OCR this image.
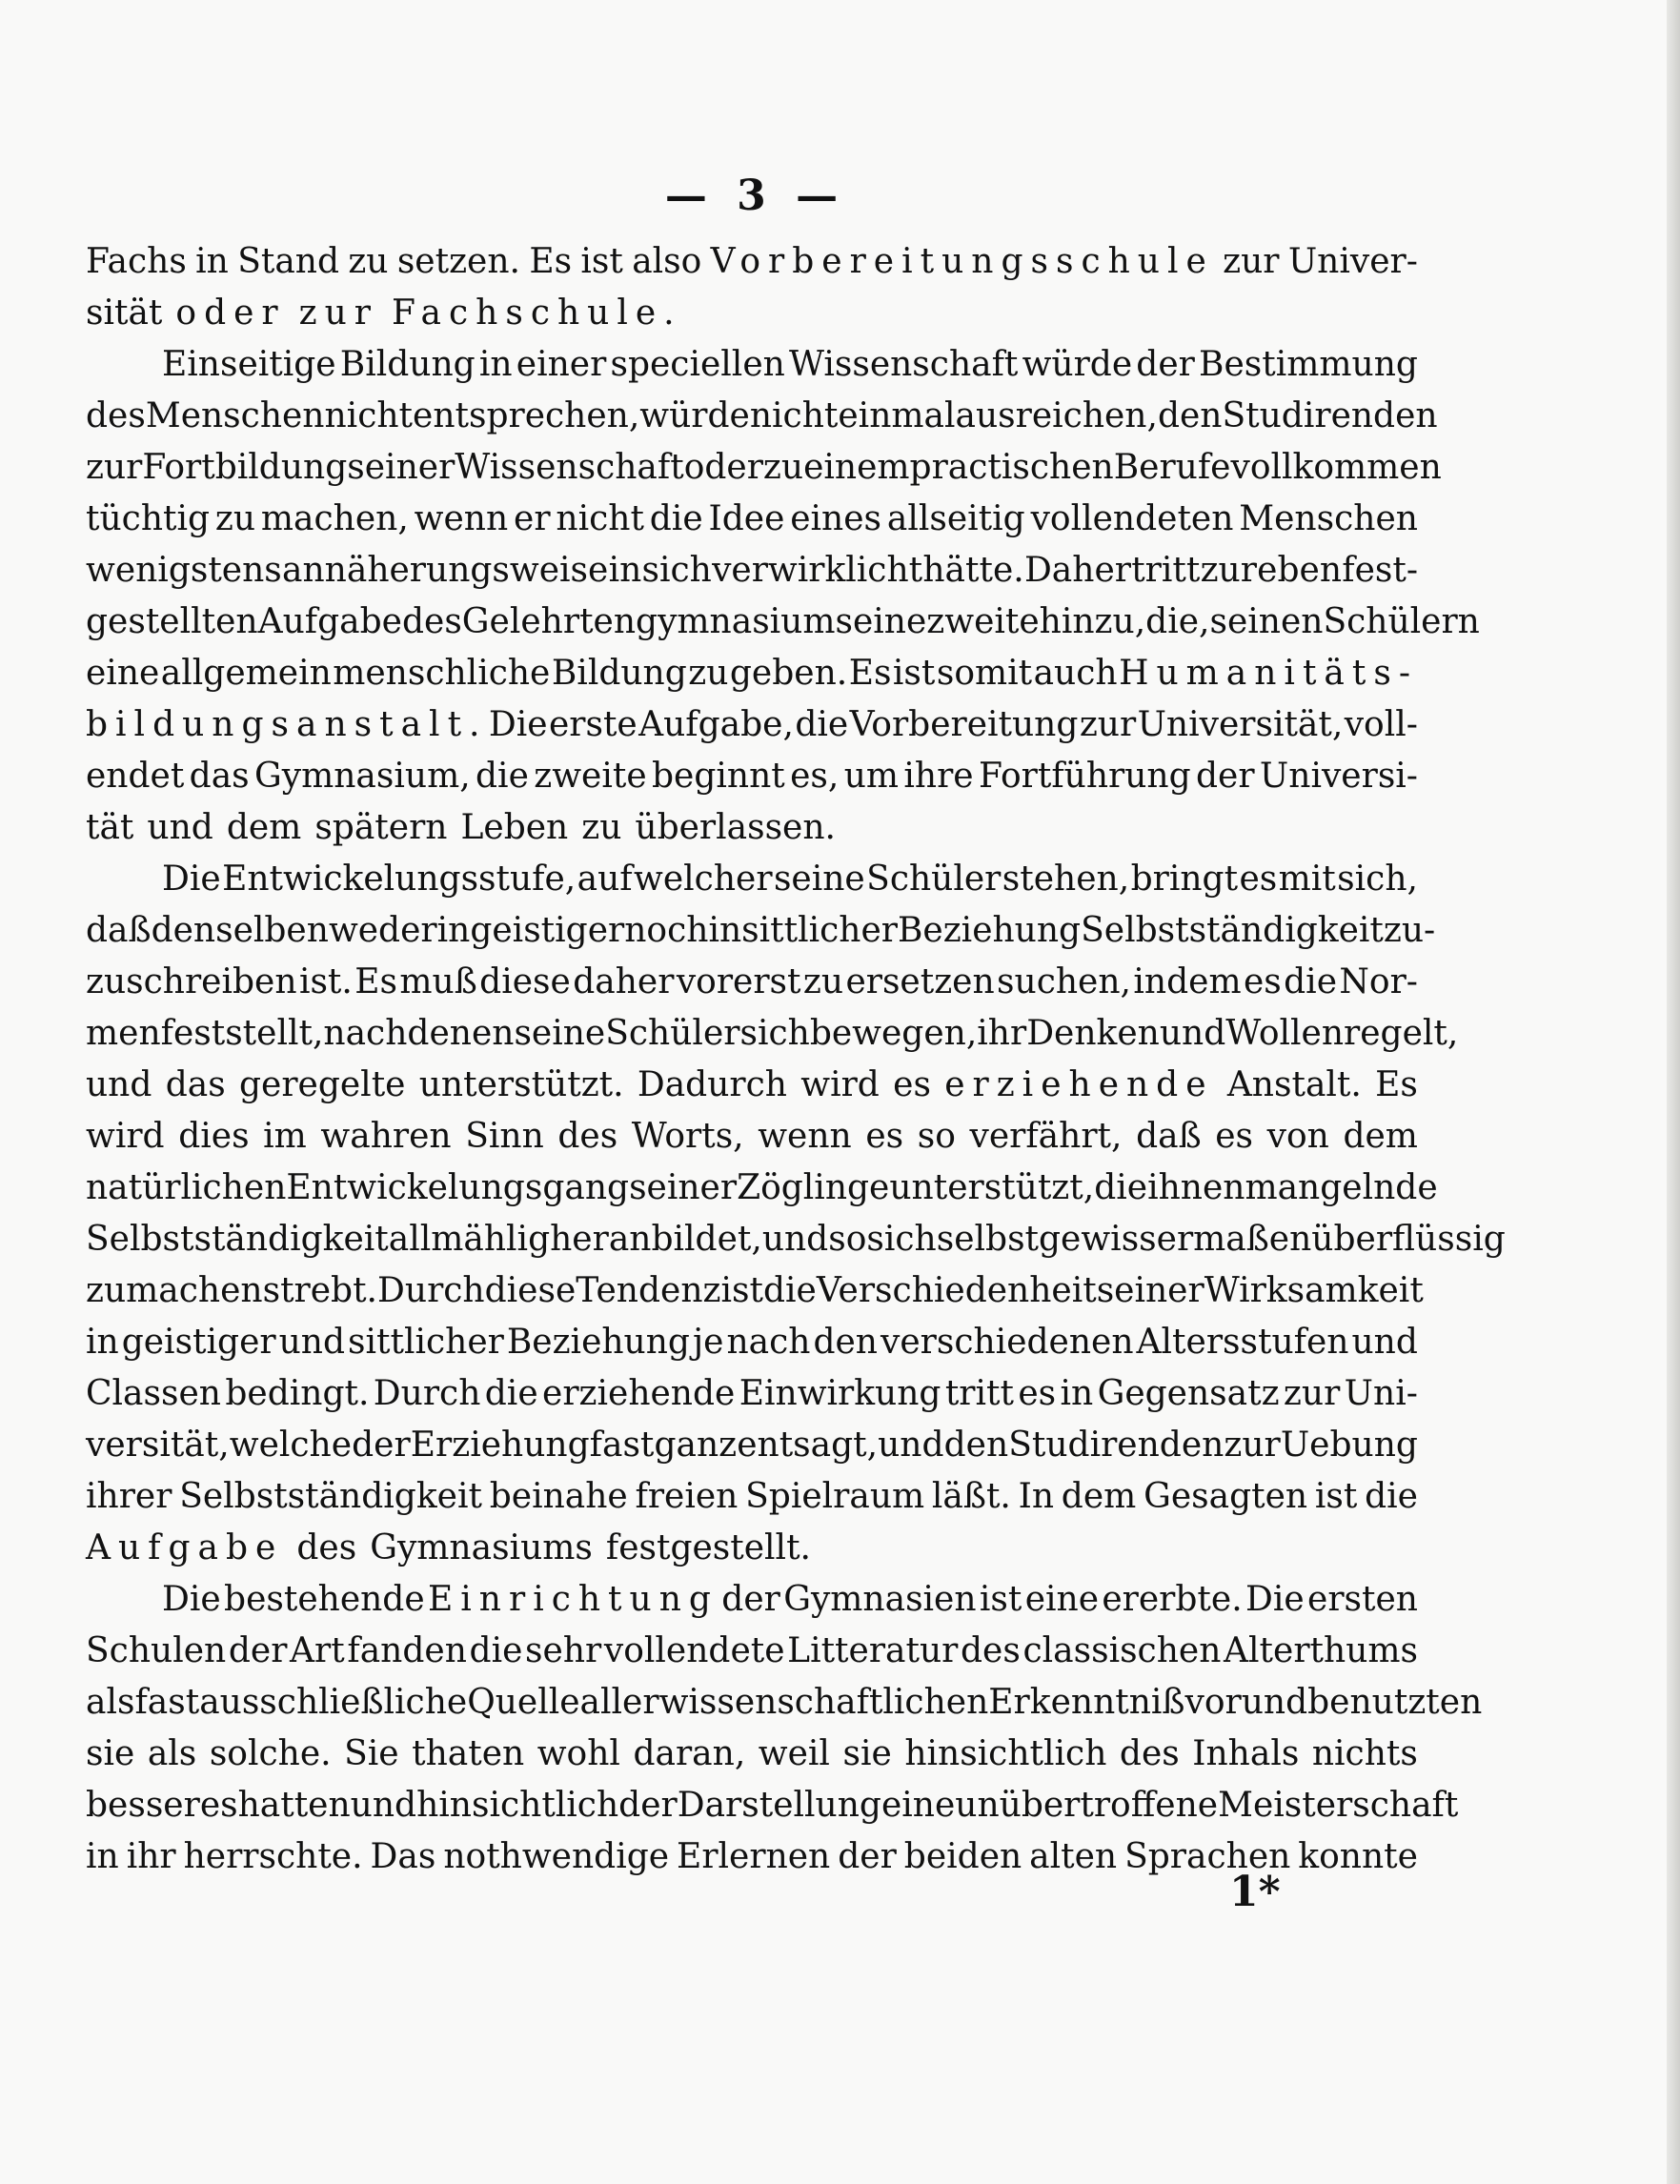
— 3 —
Fachs in Stand zu setzen. Es ist also Vorbereitungsschule zur Univer-
sität oder zur Fachschule.
Einseitige Bildung in einer speciellen Wissenschaft würde der Bestimmung
des Menschen nicht entsprechen, würde nicht einmal ausreichen, den Studirenden
zur Fortbildung seiner Wissenschaft oder zu einem practischen Berufe vollkommen
tüchtig zu machen, wenn er nicht die Idee eines allseitig vollendeten Menschen
wenigstens annäherungsweise in sich verwirklicht hätte. Daher tritt zur eben fest-
gestellten Aufgabe des Gelehrtengymnasiums eine zweite hinzu, die, seinen Schülern
eine allgemein menschliche Bildung zu geben. Es ist somit auch Humanitäts-
bildungsanstalt. Die erste Aufgabe, die Vorbereitung zur Universität, voll-
endet das Gymnasium, die zweite beginnt es, um ihre Fortführung der Universi-
tät und dem spätern Leben zu überlassen.
Die Entwickelungsstufe, auf welcher seine Schüler stehen, bringt es mit sich,
daß denselben weder in geistiger noch in sittlicher Beziehung Selbstständigkeit zu-
zuschreiben ist. Es muß diese daher vorerst zu ersetzen suchen, indem es die Nor-
men feststellt, nach denen seine Schüler sich bewegen, ihr Denken und Wollen regelt,
und das geregelte unterstützt. Dadurch wird es erziehende Anstalt. Es
wird dies im wahren Sinn des Worts, wenn es so verfährt, daß es von dem
natürlichen Entwickelungsgang seiner Zöglinge unterstützt, die ihnen mangelnde
Selbstständigkeit allmählig heranbildet, und so sich selbst gewissermaßen überflüssig
zu machen strebt. Durch diese Tendenz ist die Verschiedenheit seiner Wirksamkeit
in geistiger und sittlicher Beziehung je nach den verschiedenen Altersstufen und
Classen bedingt. Durch die erziehende Einwirkung tritt es in Gegensatz zur Uni-
versität, welche der Erziehung fast ganz entsagt, und den Studirenden zur Uebung
ihrer Selbstständigkeit beinahe freien Spielraum läßt. In dem Gesagten ist die
Aufgabe des Gymnasiums festgestellt.
Die bestehende Einrichtung der Gymnasien ist eine ererbte. Die ersten
Schulen der Art fanden die sehr vollendete Litteratur des classischen Alterthums
als fast ausschließliche Quelle aller wissenschaftlichen Erkenntniß vor und benutzten
sie als solche. Sie thaten wohl daran, weil sie hinsichtlich des Inhals nichts
besseres hatten und hinsichtlich der Darstellung eine unübertroffene Meisterschaft
in ihr herrschte. Das nothwendige Erlernen der beiden alten Sprachen konnte
1*
